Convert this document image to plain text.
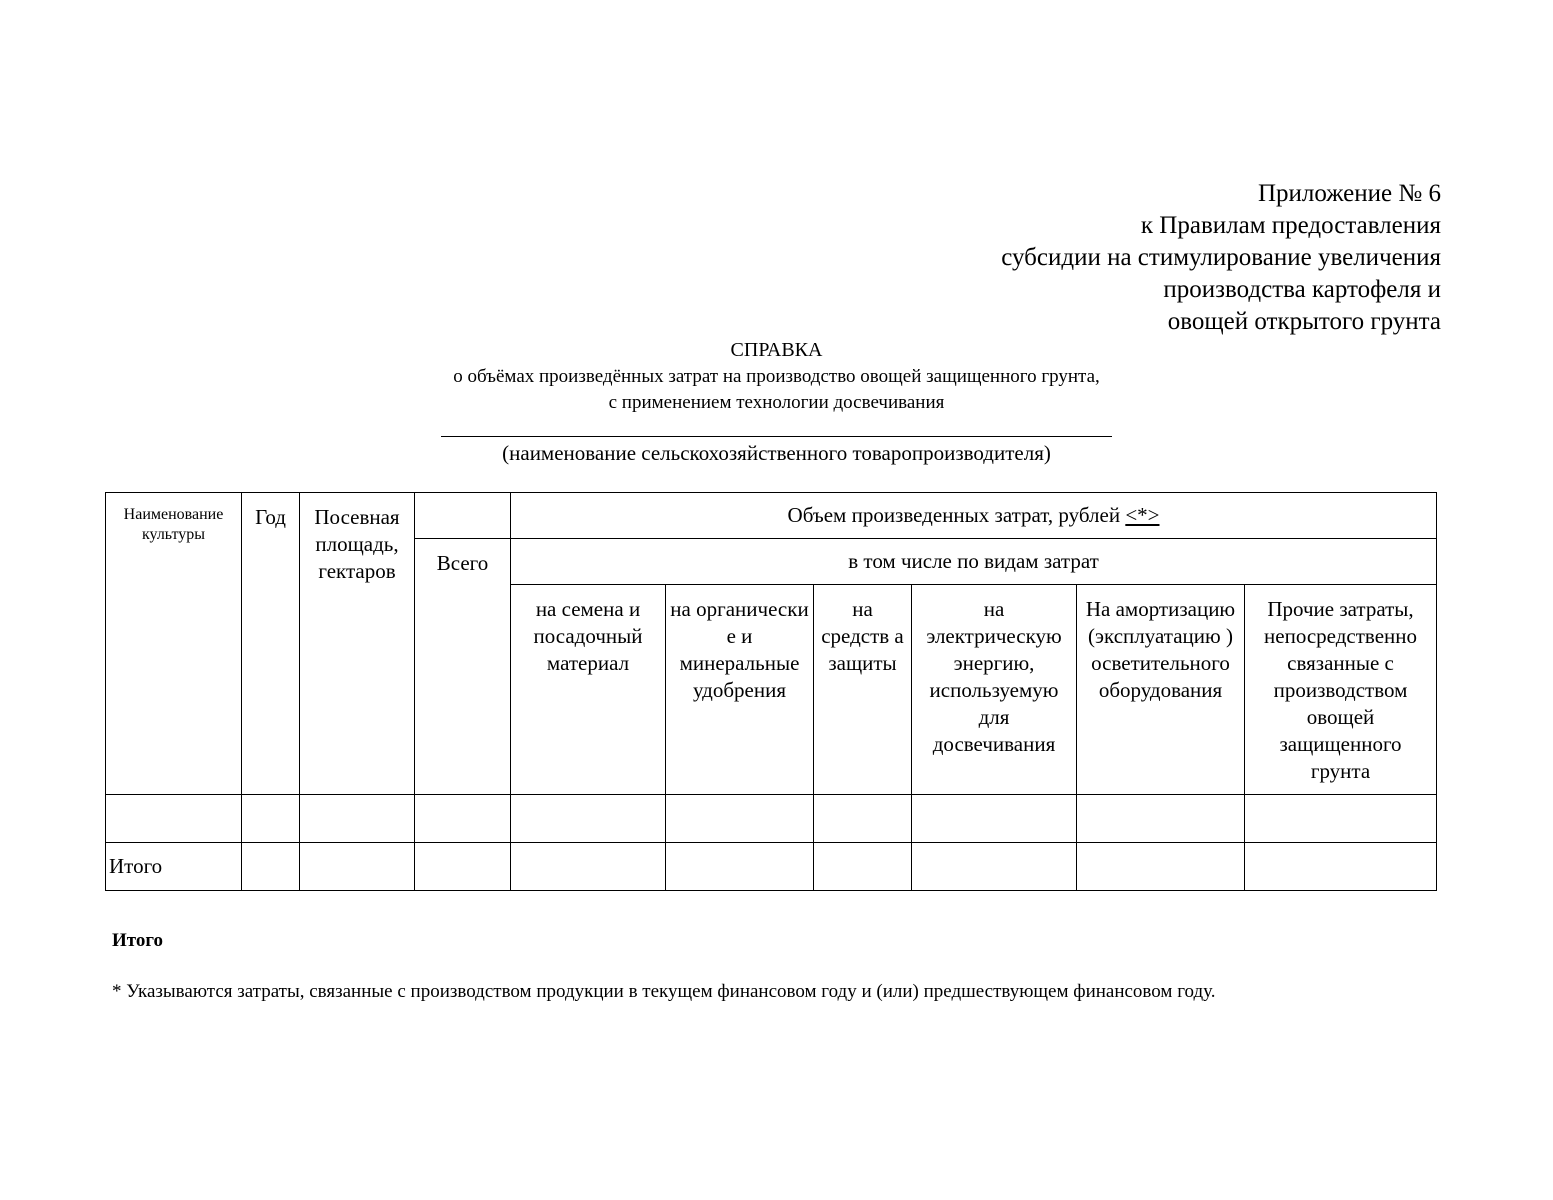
Приложение № 6
к Правилам предоставления
субсидии на стимулирование увеличения
производства картофеля и
овощей открытого грунта
СПРАВКА
о объёмах произведённых затрат на производство овощей защищенного грунта,
с применением технологии досвечивания
(наименование сельскохозяйственного товаропроизводителя)
Наименование культуры	Год	Посевная площадь, гектаров		Объем произведенных затрат, рублей <*>					
			Всего	в том числе по видам затрат					
				на семена и посадочный материал	на органически е и минеральные удобрения	на средств а защиты	на электрическую энергию, используемую для досвечивания	На амортизацию (эксплуатацию ) осветительного оборудования	Прочие затраты, непосредственно связанные с производством овощей защищенного грунта

Итого									
Итого
* Указываются затраты, связанные с производством продукции в текущем финансовом году и (или) предшествующем финансовом году.
